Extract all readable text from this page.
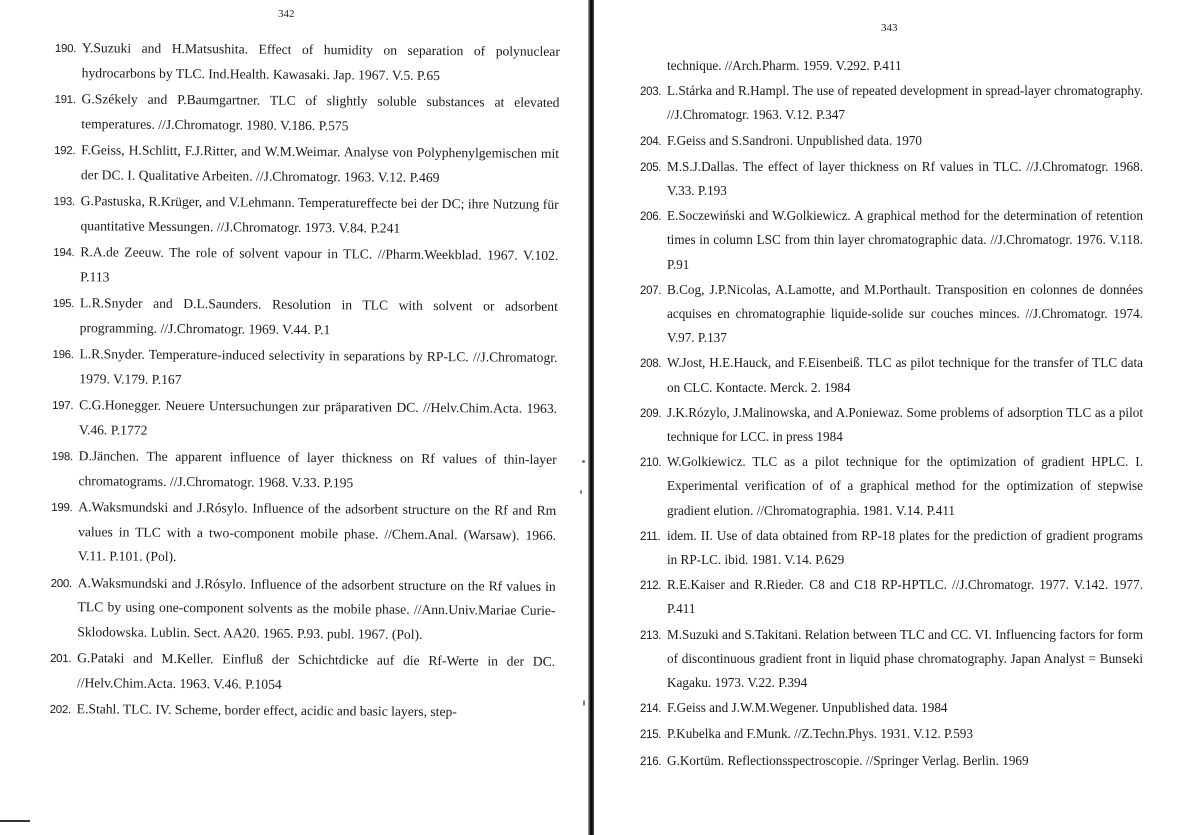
342
190. Y.Suzuki and H.Matsushita. Effect of humidity on separation of polynuclear hydrocarbons by TLC. Ind.Health. Kawasaki. Jap. 1967. V.5. P.65
191. G.Székely and P.Baumgartner. TLC of slightly soluble substances at elevated temperatures. //J.Chromatogr. 1980. V.186. P.575
192. F.Geiss, H.Schlitt, F.J.Ritter, and W.M.Weimar. Analyse von Polyphenylgemischen mit der DC. I. Qualitative Arbeiten. //J.Chromatogr. 1963. V.12. P.469
193. G.Pastuska, R.Krüger, and V.Lehmann. Temperatureffecte bei der DC; ihre Nutzung für quantitative Messungen. //J.Chromatogr. 1973. V.84. P.241
194. R.A.de Zeeuw. The role of solvent vapour in TLC. //Pharm.Weekblad. 1967. V.102. P.113
195. L.R.Snyder and D.L.Saunders. Resolution in TLC with solvent or adsorbent programming. //J.Chromatogr. 1969. V.44. P.1
196. L.R.Snyder. Temperature-induced selectivity in separations by RP-LC. //J.Chromatogr. 1979. V.179. P.167
197. C.G.Honegger. Neuere Untersuchungen zur präparativen DC. //Helv.Chim.Acta. 1963. V.46. P.1772
198. D.Jänchen. The apparent influence of layer thickness on Rf values of thin-layer chromatograms. //J.Chromatogr. 1968. V.33. P.195
199. A.Waksmundski and J.Rósylo. Influence of the adsorbent structure on the Rf and Rm values in TLC with a two-component mobile phase. //Chem.Anal. (Warsaw). 1966. V.11. P.101. (Pol).
200. A.Waksmundski and J.Rósylo. Influence of the adsorbent structure on the Rf values in TLC by using one-component solvents as the mobile phase. //Ann.Univ.Mariae Curie-Sklodowska. Lublin. Sect. AA20. 1965. P.93. publ. 1967. (Pol).
201. G.Pataki and M.Keller. Einfluß der Schichtdicke auf die Rf-Werte in der DC. //Helv.Chim.Acta. 1963. V.46. P.1054
202. E.Stahl. TLC. IV. Scheme, border effect, acidic and basic layers, step-
343
technique. //Arch.Pharm. 1959. V.292. P.411
203. L.Stárka and R.Hampl. The use of repeated development in spread-layer chromatography. //J.Chromatogr. 1963. V.12. P.347
204. F.Geiss and S.Sandroni. Unpublished data. 1970
205. M.S.J.Dallas. The effect of layer thickness on Rf values in TLC. //J.Chromatogr. 1968. V.33. P.193
206. E.Soczewiński and W.Golkiewicz. A graphical method for the determination of retention times in column LSC from thin layer chromatographic data. //J.Chromatogr. 1976. V.118. P.91
207. B.Cog, J.P.Nicolas, A.Lamotte, and M.Porthault. Transposition en colonnes de données acquises en chromatographie liquide-solide sur couches minces. //J.Chromatogr. 1974. V.97. P.137
208. W.Jost, H.E.Hauck, and F.Eisenbeiß. TLC as pilot technique for the transfer of TLC data on CLC. Kontacte. Merck. 2. 1984
209. J.K.Rózylo, J.Malinowska, and A.Poniewaz. Some problems of adsorption TLC as a pilot technique for LCC. in press 1984
210. W.Golkiewicz. TLC as a pilot technique for the optimization of gradient HPLC. I. Experimental verification of of a graphical method for the optimization of stepwise gradient elution. //Chromatographia. 1981. V.14. P.411
211. idem. II. Use of data obtained from RP-18 plates for the prediction of gradient programs in RP-LC. ibid. 1981. V.14. P.629
212. R.E.Kaiser and R.Rieder. C8 and C18 RP-HPTLC. //J.Chromatogr. 1977. V.142. 1977. P.411
213. M.Suzuki and S.Takitani. Relation between TLC and CC. VI. Influencing factors for form of discontinuous gradient front in liquid phase chromatography. Japan Analyst = Bunseki Kagaku. 1973. V.22. P.394
214. F.Geiss and J.W.M.Wegener. Unpublished data. 1984
215. P.Kubelka and F.Munk. //Z.Techn.Phys. 1931. V.12. P.593
216. G.Kortüm. Reflectionsspectroscopie. //Springer Verlag. Berlin. 1969
